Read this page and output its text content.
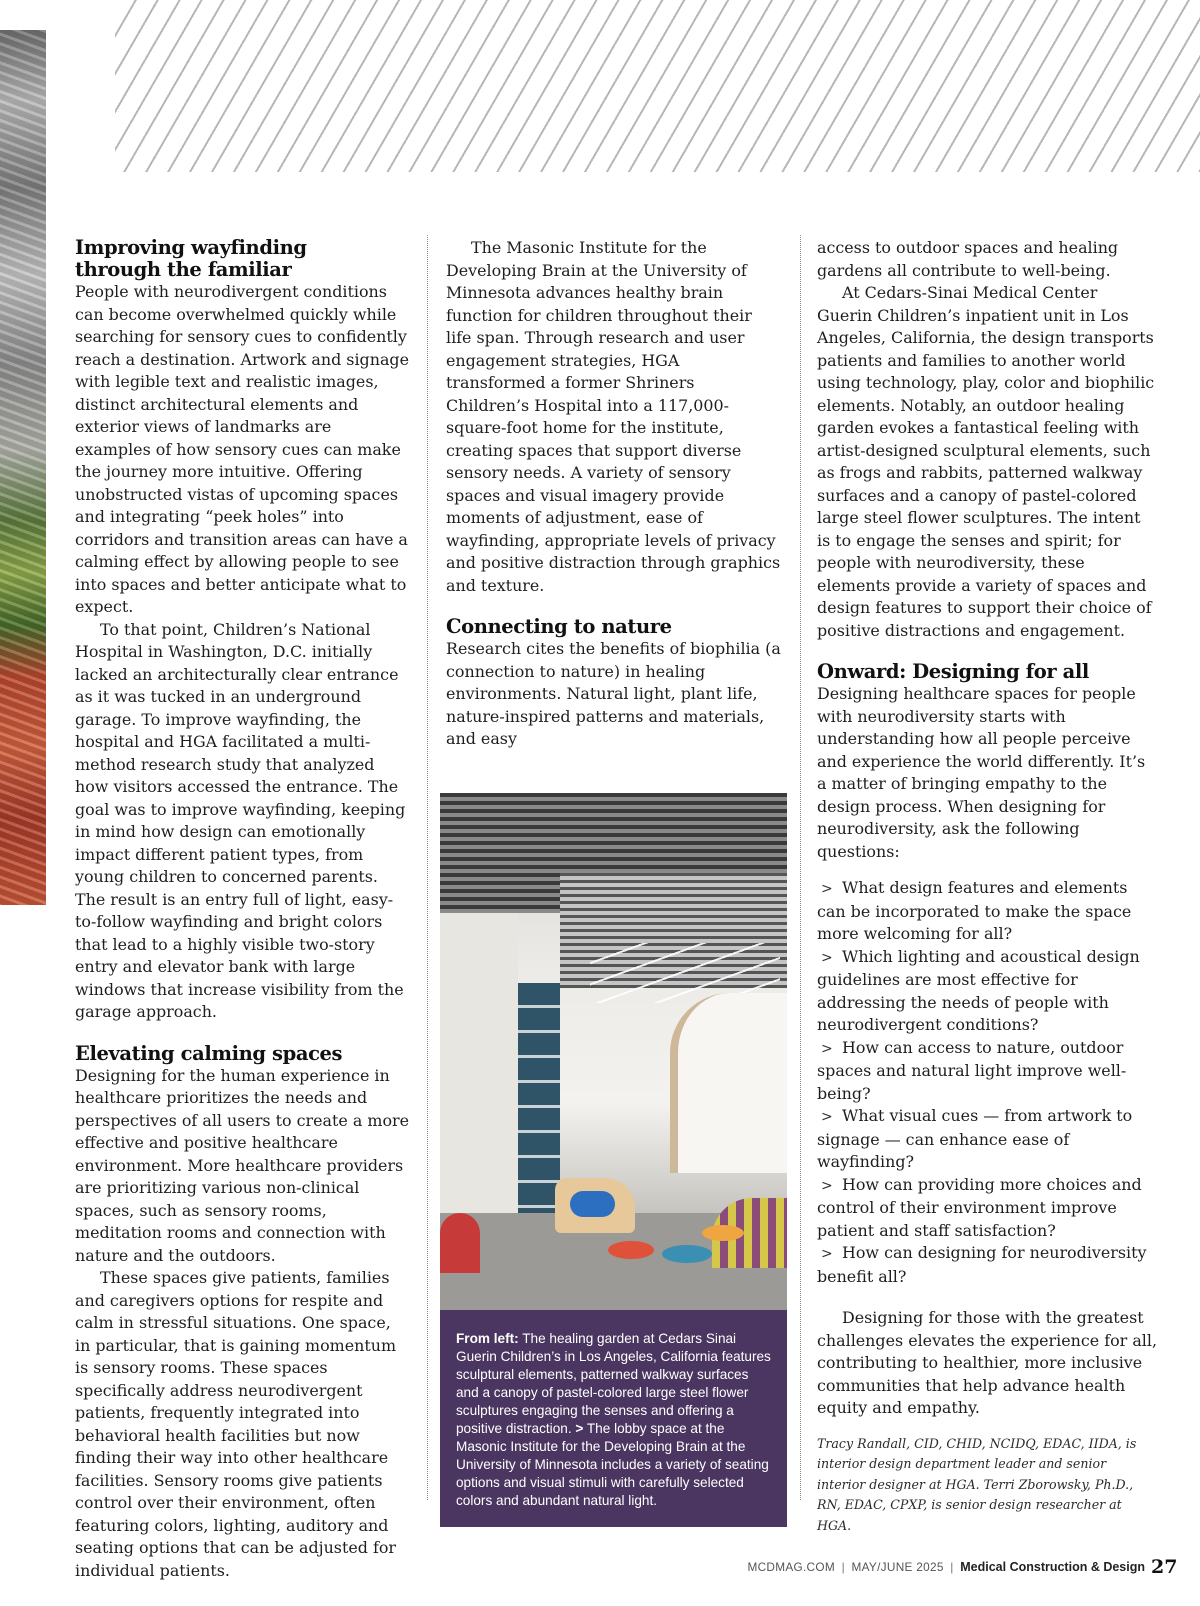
Improving wayfinding
through the familiar

People with neurodivergent conditions can become overwhelmed quickly while searching for sensory cues to confidently reach a destination. Artwork and signage with legible text and realistic images, distinct architectural elements and exterior views of landmarks are examples of how sensory cues can make the journey more intuitive. Offering unobstructed vistas of upcoming spaces and integrating “peek holes” into corridors and transition areas can have a calming effect by allowing people to see into spaces and better anticipate what to expect.

To that point, Children’s National Hospital in Washington, D.C. initially lacked an architecturally clear entrance as it was tucked in an underground garage. To improve wayfinding, the hospital and HGA facilitated a multi-method research study that analyzed how visitors accessed the entrance. The goal was to improve wayfinding, keeping in mind how design can emotionally impact different patient types, from young children to concerned parents. The result is an entry full of light, easy-to-follow wayfinding and bright colors that lead to a highly visible two-story entry and elevator bank with large windows that increase visibility from the garage approach.

Elevating calming spaces

Designing for the human experience in healthcare prioritizes the needs and perspectives of all users to create a more effective and positive healthcare environment. More healthcare providers are prioritizing various non-clinical spaces, such as sensory rooms, meditation rooms and connection with nature and the outdoors.

These spaces give patients, families and caregivers options for respite and calm in stressful situations. One space, in particular, that is gaining momentum is sensory rooms. These spaces specifically address neurodivergent patients, frequently integrated into behavioral health facilities but now finding their way into other healthcare facilities. Sensory rooms give patients control over their environment, often featuring colors, lighting, auditory and seating options that can be adjusted for individual patients.

The Masonic Institute for the Developing Brain at the University of Minnesota advances healthy brain function for children throughout their life span. Through research and user engagement strategies, HGA transformed a former Shriners Children’s Hospital into a 117,000-square-foot home for the institute, creating spaces that support diverse sensory needs. A variety of sensory spaces and visual imagery provide moments of adjustment, ease of wayfinding, appropriate levels of privacy and positive distraction through graphics and texture.

Connecting to nature

Research cites the benefits of biophilia (a connection to nature) in healing environments. Natural light, plant life, nature-inspired patterns and materials, and easy

From left: The healing garden at Cedars Sinai Guerin Children’s in Los Angeles, California features sculptural elements, patterned walkway surfaces and a canopy of pastel-colored large steel flower sculptures engaging the senses and offering a positive distraction. > The lobby space at the Masonic Institute for the Developing Brain at the University of Minnesota includes a variety of seating options and visual stimuli with carefully selected colors and abundant natural light.

access to outdoor spaces and healing gardens all contribute to well-being.

At Cedars-Sinai Medical Center Guerin Children’s inpatient unit in Los Angeles, California, the design transports patients and families to another world using technology, play, color and biophilic elements. Notably, an outdoor healing garden evokes a fantastical feeling with artist-designed sculptural elements, such as frogs and rabbits, patterned walkway surfaces and a canopy of pastel-colored large steel flower sculptures. The intent is to engage the senses and spirit; for people with neurodiversity, these elements provide a variety of spaces and design features to support their choice of positive distractions and engagement.

Onward: Designing for all

Designing healthcare spaces for people with neurodiversity starts with understanding how all people perceive and experience the world differently. It’s a matter of bringing empathy to the design process. When designing for neurodiversity, ask the following questions:

> What design features and elements can be incorporated to make the space more welcoming for all?
> Which lighting and acoustical design guidelines are most effective for addressing the needs of people with neurodivergent conditions?
> How can access to nature, outdoor spaces and natural light improve well-being?
> What visual cues — from artwork to signage — can enhance ease of wayfinding?
> How can providing more choices and control of their environment improve patient and staff satisfaction?
> How can designing for neurodiversity benefit all?

Designing for those with the greatest challenges elevates the experience for all, contributing to healthier, more inclusive communities that help advance health equity and empathy.

Tracy Randall, CID, CHID, NCIDQ, EDAC, IIDA, is interior design department leader and senior interior designer at HGA. Terri Zborowsky, Ph.D., RN, EDAC, CPXP, is senior design researcher at HGA.

MCDMAG.COM | MAY/JUNE 2025 | Medical Construction & Design 27
